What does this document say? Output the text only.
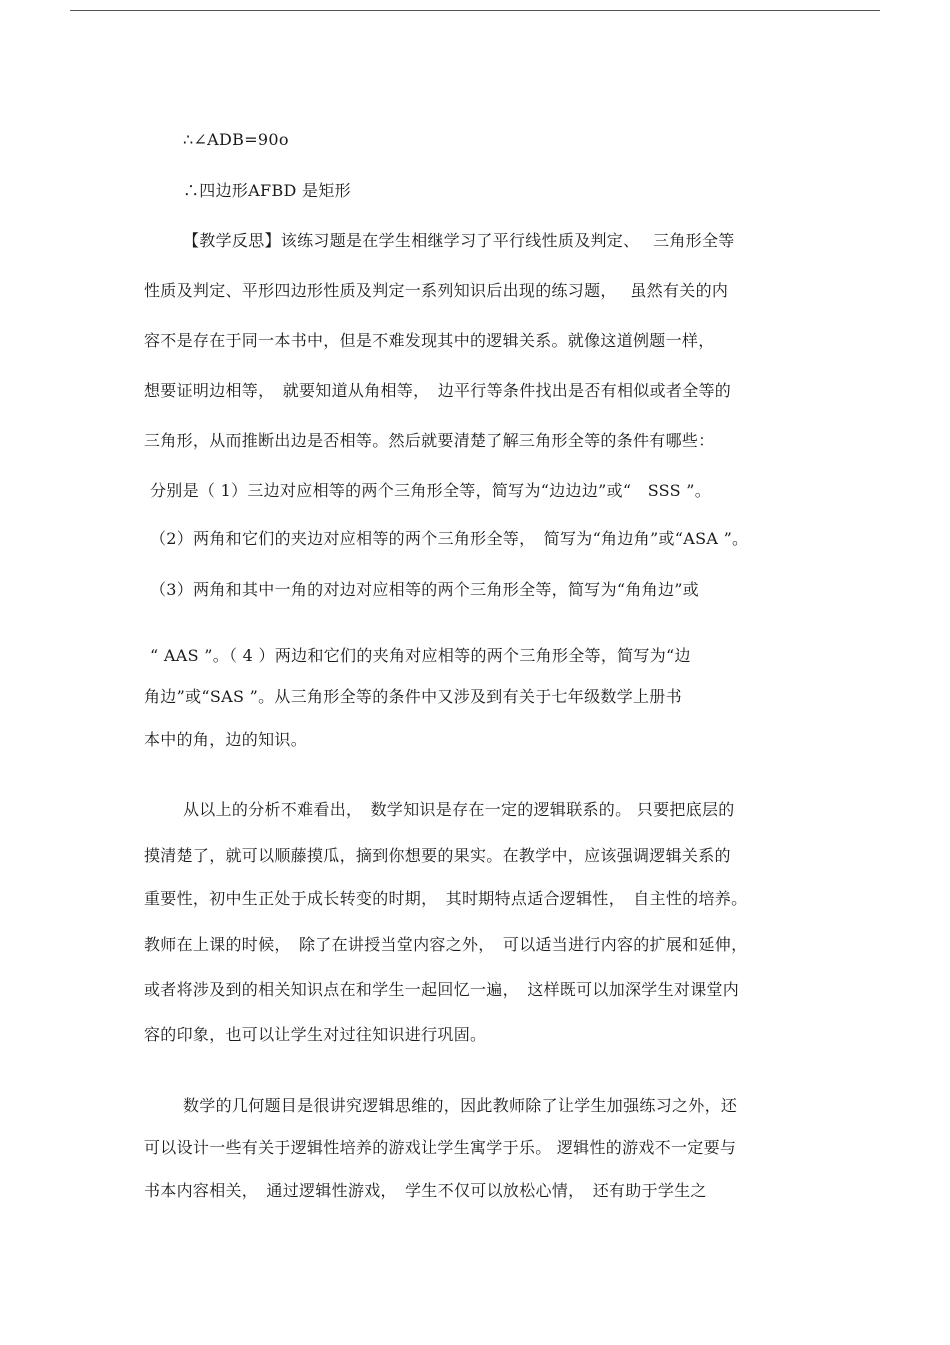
∴∠ADB=90o
∴四边形AFBD 是矩形
【教学反思】该练习题是在学生相继学习了平行线性质及判定、　 三角形全等
性质及判定、平形四边形性质及判定一系列知识后出现的练习题，　 虽然有关的内
容不是存在于同一本书中，但是不难发现其中的逻辑关系。就像这道例题一样，
想要证明边相等，　就要知道从角相等，　边平行等条件找出是否有相似或者全等的
三角形，从而推断出边是否相等。然后就要清楚了解三角形全等的条件有哪些：
分别是（ 1）三边对应相等的两个三角形全等，简写为“边边边”或“　SSS ”。
（2）两角和它们的夹边对应相等的两个三角形全等，　简写为“角边角”或“ASA ”。
（3）两角和其中一角的对边对应相等的两个三角形全等，简写为“角角边”或
“ AAS ”。（ 4 ）两边和它们的夹角对应相等的两个三角形全等，简写为“边
角边”或“SAS ”。从三角形全等的条件中又涉及到有关于七年级数学上册书
本中的角，边的知识。
从以上的分析不难看出，　数学知识是存在一定的逻辑联系的。 只要把底层的
摸清楚了，就可以顺藤摸瓜，摘到你想要的果实。在教学中，应该强调逻辑关系的
重要性，初中生正处于成长转变的时期，　其时期特点适合逻辑性，　自主性的培养。
教师在上课的时候，　除了在讲授当堂内容之外，　可以适当进行内容的扩展和延伸，
或者将涉及到的相关知识点在和学生一起回忆一遍，　这样既可以加深学生对课堂内
容的印象，也可以让学生对过往知识进行巩固。
数学的几何题目是很讲究逻辑思维的，因此教师除了让学生加强练习之外，还
可以设计一些有关于逻辑性培养的游戏让学生寓学于乐。 逻辑性的游戏不一定要与
书本内容相关，　通过逻辑性游戏，　学生不仅可以放松心情，　还有助于学生之
